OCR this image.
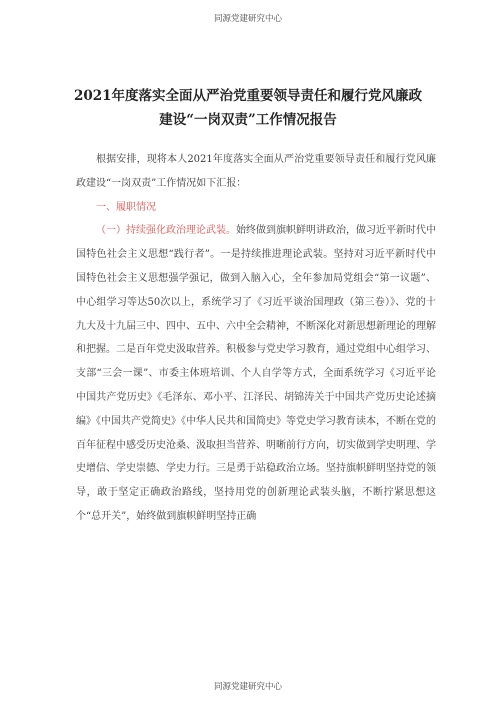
同源党建研究中心
2021年度落实全面从严治党重要领导责任和履行党风廉政
建设“一岗双责”工作情况报告

根据安排，现将本人2021年度落实全面从严治党重要领导责任和履行党风廉政建设“一岗双责”工作情况如下汇报：

一、履职情况

（一）持续强化政治理论武装。始终做到旗帜鲜明讲政治，做习近平新时代中国特色社会主义思想“践行者”。一是持续推进理论武装。坚持对习近平新时代中国特色社会主义思想强学强记，做到入脑入心，全年参加局党组会“第一议题”、中心组学习等达50次以上，系统学习了《习近平谈治国理政（第三卷）》、党的十九大及十九届三中、四中、五中、六中全会精神，不断深化对新思想新理论的理解和把握。二是百年党史汲取营养。积极参与党史学习教育，通过党组中心组学习、支部“三会一课”、市委主体班培训、个人自学等方式，全面系统学习《习近平论中国共产党历史》《毛泽东、邓小平、江泽民、胡锦涛关于中国共产党历史论述摘编》《中国共产党简史》《中华人民共和国简史》等党史学习教育读本，不断在党的百年征程中感受历史沧桑、汲取担当营养、明晰前行方向，切实做到学史明理、学史增信、学史崇德、学史力行。三是勇于站稳政治立场。坚持旗帜鲜明坚持党的领导，敢于坚定正确政治路线，坚持用党的创新理论武装头脑，不断拧紧思想这个“总开关”，始终做到旗帜鲜明坚持正确

同源党建研究中心
